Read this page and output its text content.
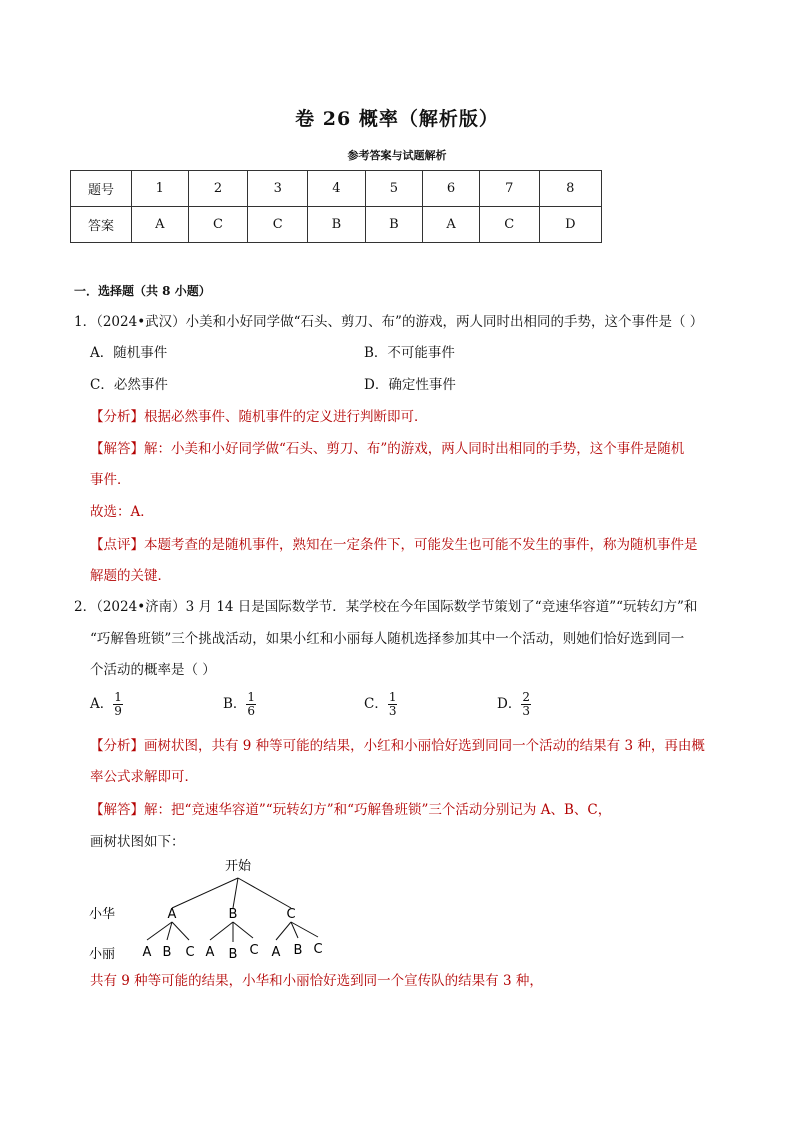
卷 26 概率（解析版）
参考答案与试题解析
题号	1	2	3	4	5	6	7	8
答案	A	C	C	B	B	A	C	D
一．选择题（共 8 小题）
1．（2024•武汉）小美和小好同学做“石头、剪刀、布”的游戏，两人同时出相同的手势，这个事件是（ ）
A．随机事件	B．不可能事件
C．必然事件	D．确定性事件
【分析】根据必然事件、随机事件的定义进行判断即可．
【解答】解：小美和小好同学做“石头、剪刀、布”的游戏，两人同时出相同的手势，这个事件是随机
事件．
故选：A．
【点评】本题考查的是随机事件，熟知在一定条件下，可能发生也可能不发生的事件，称为随机事件是
解题的关键．
2．（2024•济南）3 月 14 日是国际数学节．某学校在今年国际数学节策划了“竞速华容道”“玩转幻方”和
“巧解鲁班锁”三个挑战活动，如果小红和小丽每人随机选择参加其中一个活动，则她们恰好选到同一
个活动的概率是（ ）
A． $\frac{1}{9}$	B． $\frac{1}{6}$	C． $\frac{1}{3}$	D． $\frac{2}{3}$
【分析】画树状图，共有 9 种等可能的结果，小红和小丽恰好选到同同一个活动的结果有 3 种，再由概
率公式求解即可．
【解答】解：把“竞速华容道”“玩转幻方”和“巧解鲁班锁”三个活动分别记为 A、B、C，
画树状图如下：
开始
小华	A	B	C
小丽 A B C A B C A B C
共有 9 种等可能的结果，小华和小丽恰好选到同一个宣传队的结果有 3 种，
